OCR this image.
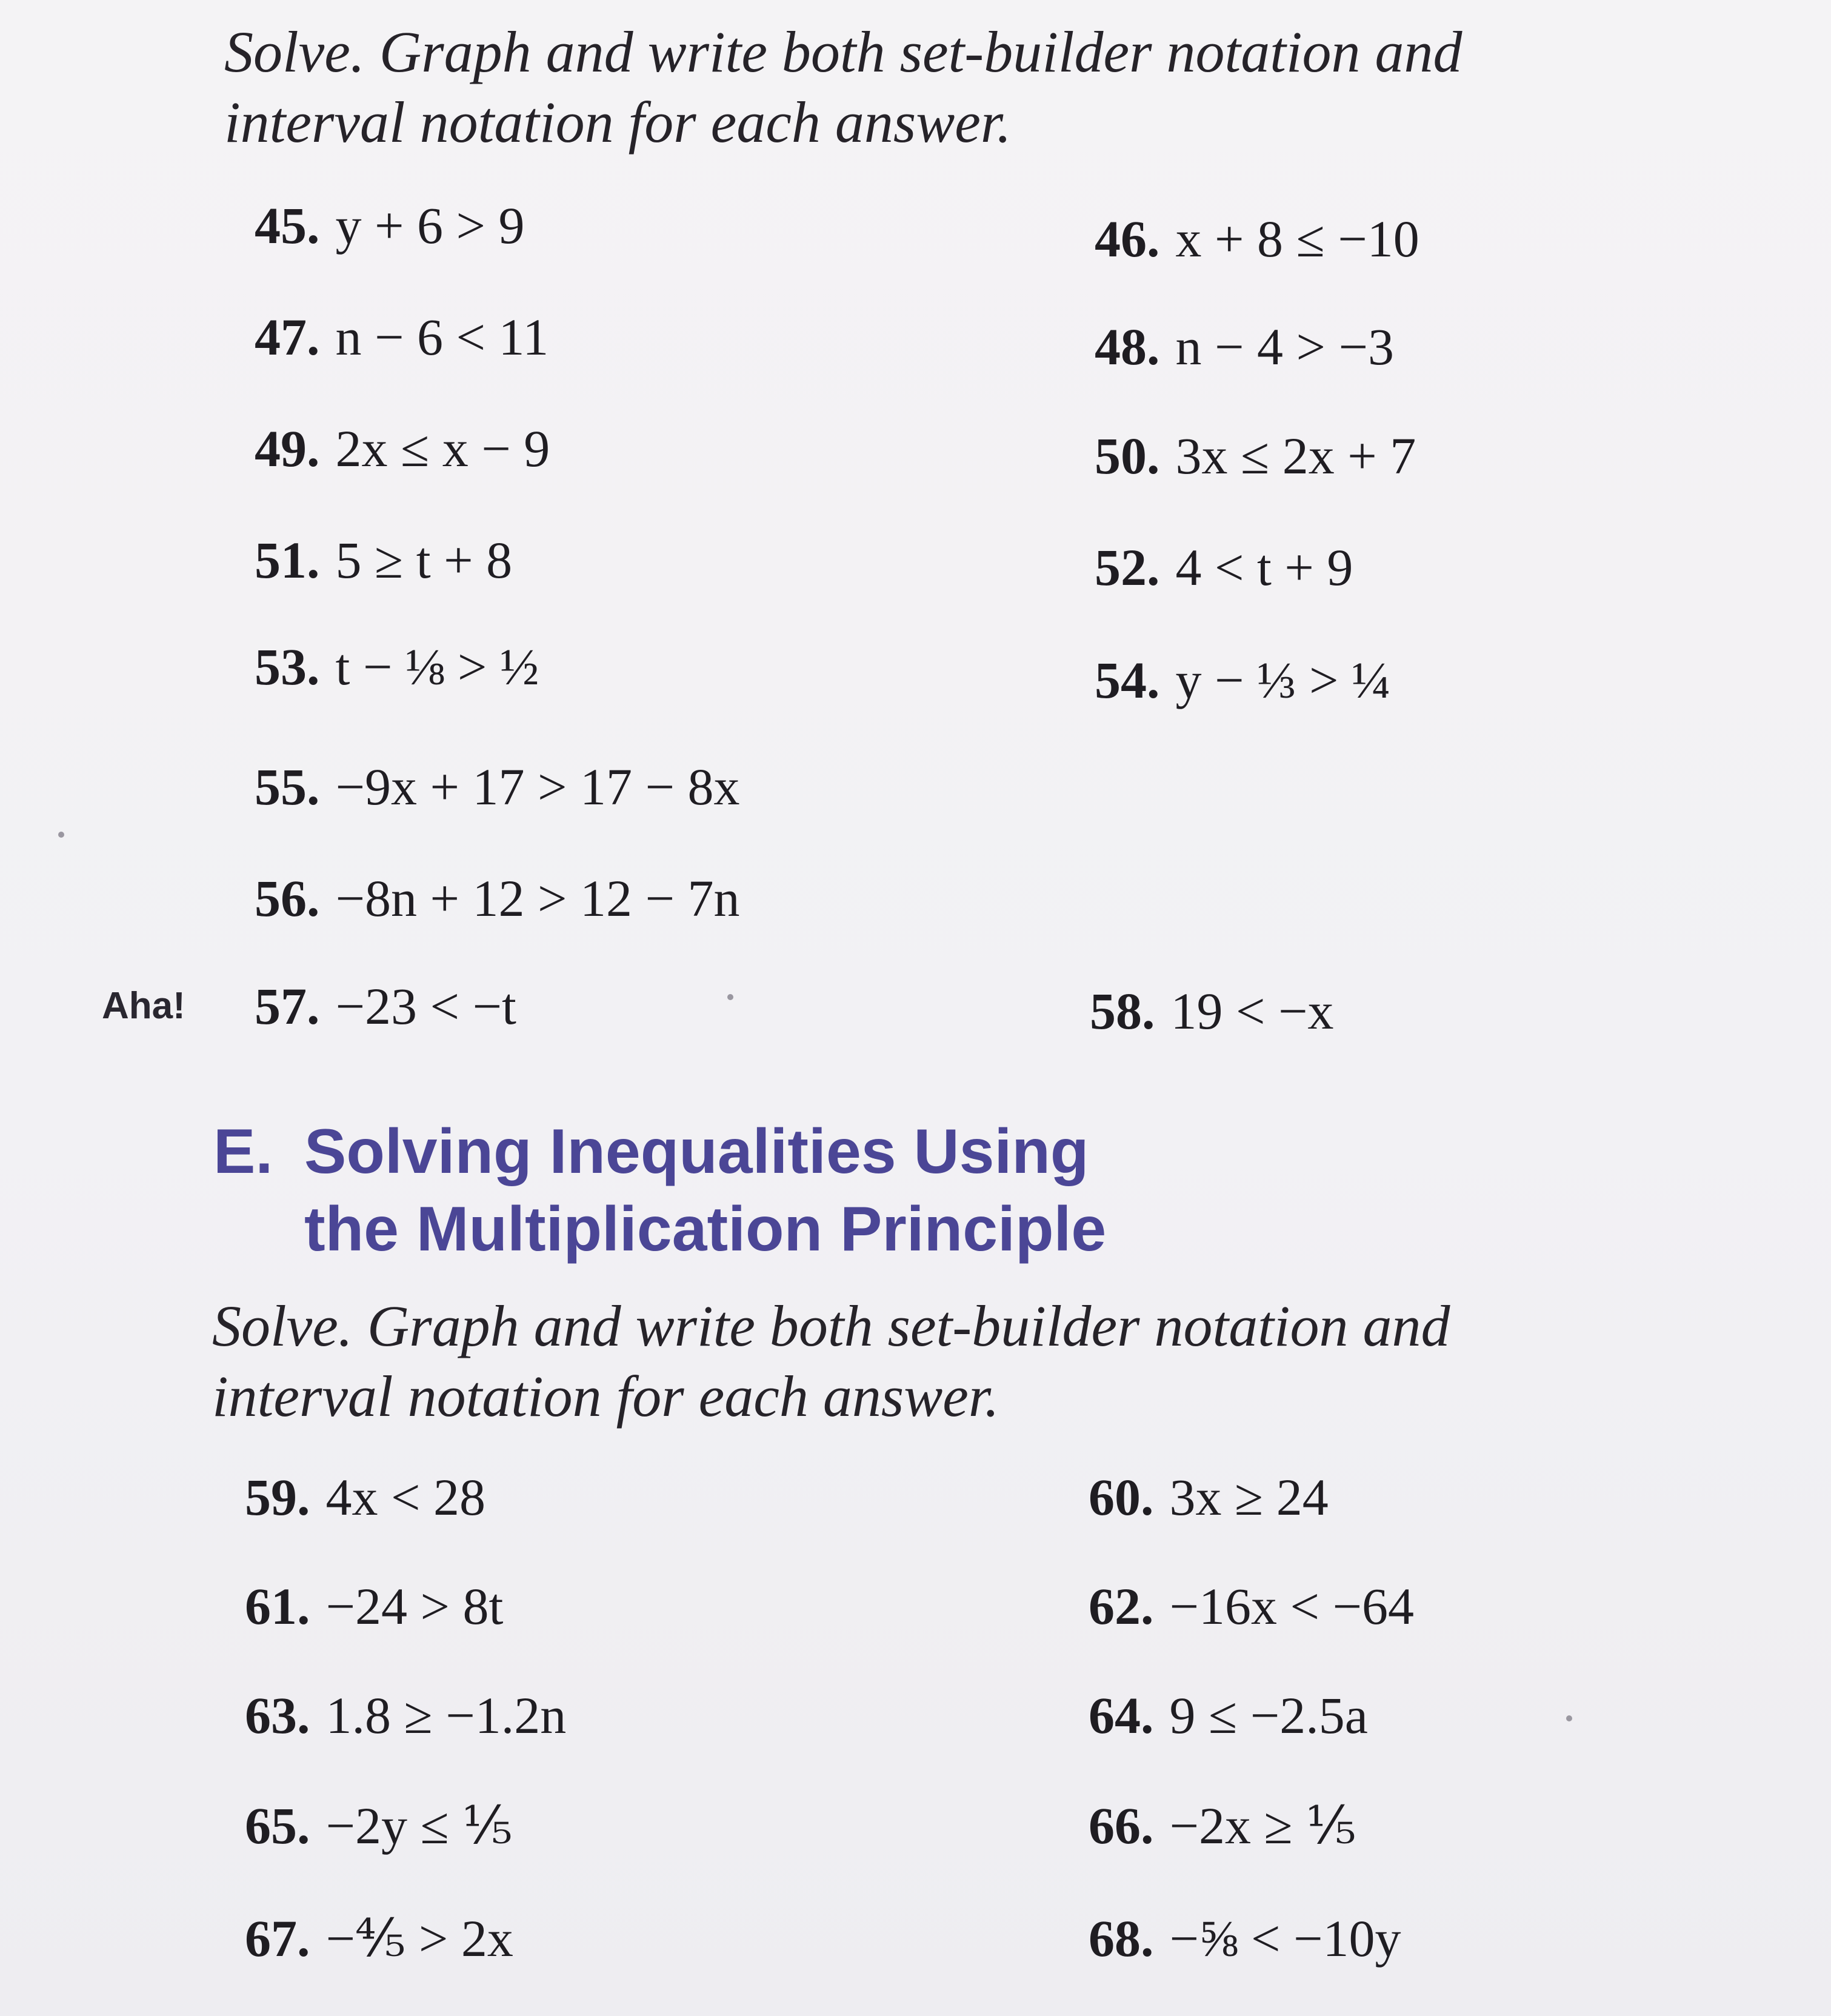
Solve. Graph and write both set-builder notation and
interval notation for each answer.
45. y + 6 > 9	46. x + 8 ≤ −10
47. n − 6 < 11	48. n − 4 > −3
49. 2x ≤ x − 9	50. 3x ≤ 2x + 7
51. 5 ≥ t + 8	52. 4 < t + 9
53. t − ⅛ > ½	54. y − ⅓ > ¼
55. −9x + 17 > 17 − 8x
56. −8n + 12 > 12 − 7n
Aha! 57. −23 < −t	58. 19 < −x
E. Solving Inequalities Using
the Multiplication Principle
Solve. Graph and write both set-builder notation and
interval notation for each answer.
59. 4x < 28	60. 3x ≥ 24
61. −24 > 8t	62. −16x < −64
63. 1.8 ≥ −1.2n	64. 9 ≤ −2.5a
65. −2y ≤ ⅕	66. −2x ≥ ⅕
67. −⅘ > 2x	68. −⅝ < −10y
